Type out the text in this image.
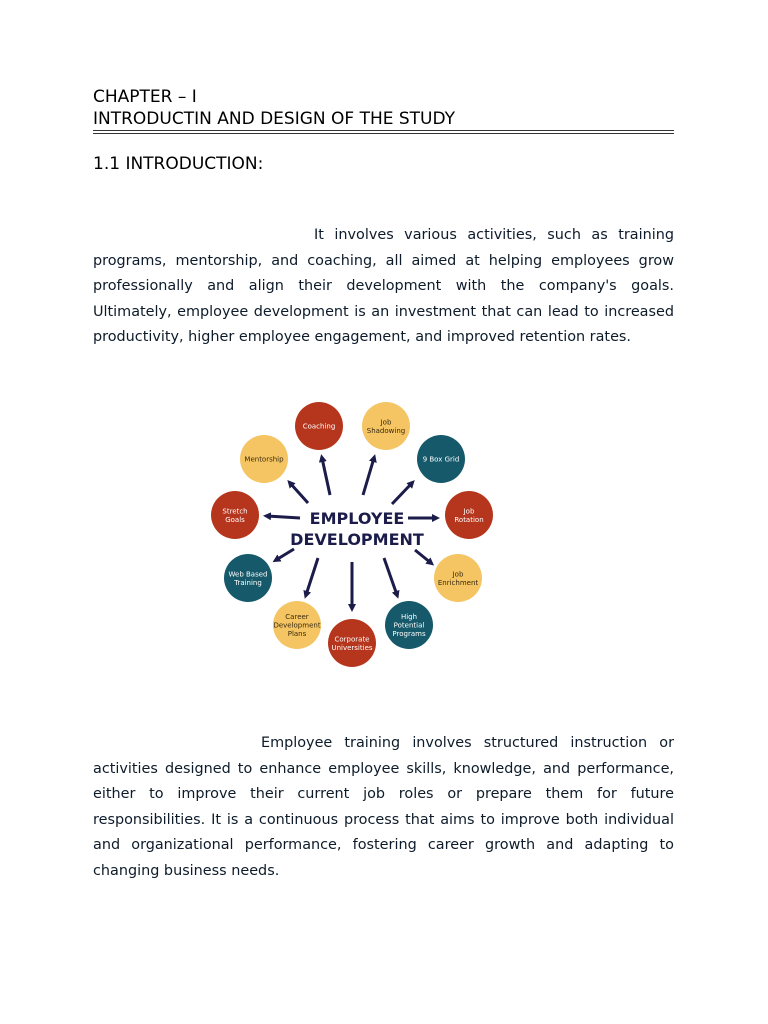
CHAPTER – I
INTRODUCTIN AND DESIGN OF THE STUDY
1.1 INTRODUCTION:

It involves various activities, such as training programs, mentorship, and coaching, all aimed at helping employees grow professionally and align their development with the company's goals. Ultimately, employee development is an investment that can lead to increased productivity, higher employee engagement, and improved retention rates.

Employee training involves structured instruction or activities designed to enhance employee skills, knowledge, and performance, either to improve their current job roles or prepare them for future responsibilities. It is a continuous process that aims to improve both individual and organizational performance, fostering career growth and adapting to changing business needs.

Coaching
Job
Shadowing
9 Box Grid
Job
Rotation
Job
Enrichment
High
Potential
Programs
Corporate
Universities
Career
Development
Plans
Web Based
Training
Stretch
Goals
Mentorship
EMPLOYEE
DEVELOPMENT
